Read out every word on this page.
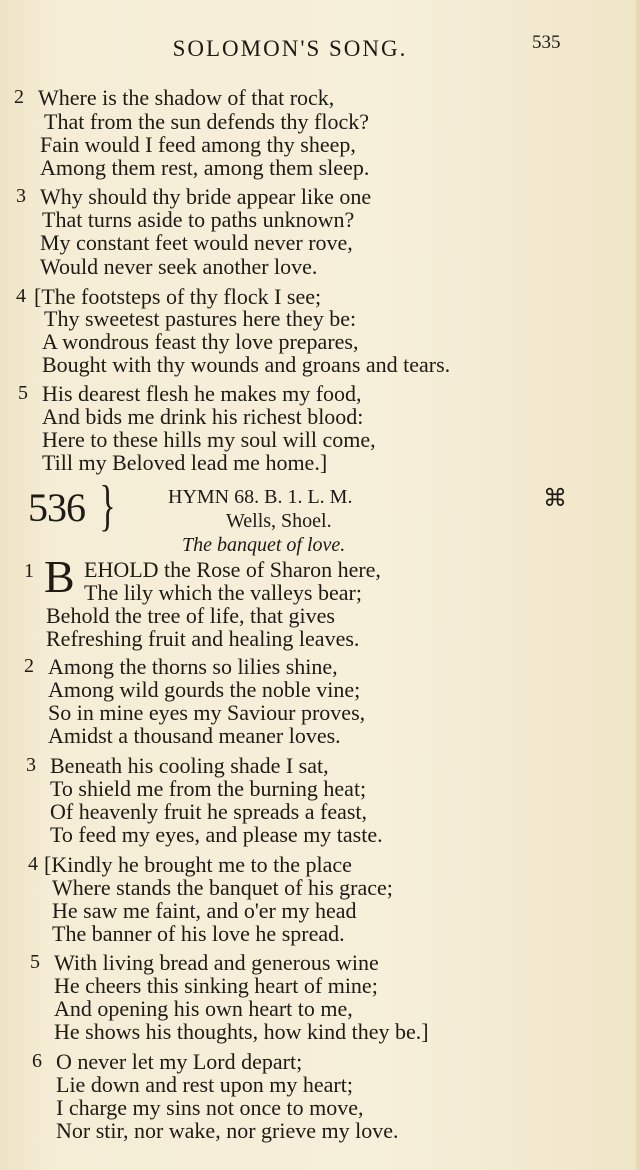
SOLOMON'S SONG.	535
2 Where is the shadow of that rock,
That from the sun defends thy flock?
Fain would I feed among thy sheep,
Among them rest, among them sleep.
3 Why should thy bride appear like one
That turns aside to paths unknown?
My constant feet would never rove,
Would never seek another love.
4 [The footsteps of thy flock I see;
Thy sweetest pastures here they be:
A wondrous feast thy love prepares,
Bought with thy wounds and groans and tears.
5 His dearest flesh he makes my food,
And bids me drink his richest blood:
Here to these hills my soul will come,
Till my Beloved lead me home.]
536 }	HYMN 68. B. 1. L. M.
Wells, Shoel.
The banquet of love.
⌘
1 B EHOLD the Rose of Sharon here,
The lily which the valleys bear;
Behold the tree of life, that gives
Refreshing fruit and healing leaves.
2 Among the thorns so lilies shine,
Among wild gourds the noble vine;
So in mine eyes my Saviour proves,
Amidst a thousand meaner loves.
3 Beneath his cooling shade I sat,
To shield me from the burning heat;
Of heavenly fruit he spreads a feast,
To feed my eyes, and please my taste.
4 [Kindly he brought me to the place
Where stands the banquet of his grace;
He saw me faint, and o'er my head
The banner of his love he spread.
5 With living bread and generous wine
He cheers this sinking heart of mine;
And opening his own heart to me,
He shows his thoughts, how kind they be.]
6 O never let my Lord depart;
Lie down and rest upon my heart;
I charge my sins not once to move,
Nor stir, nor wake, nor grieve my love.
